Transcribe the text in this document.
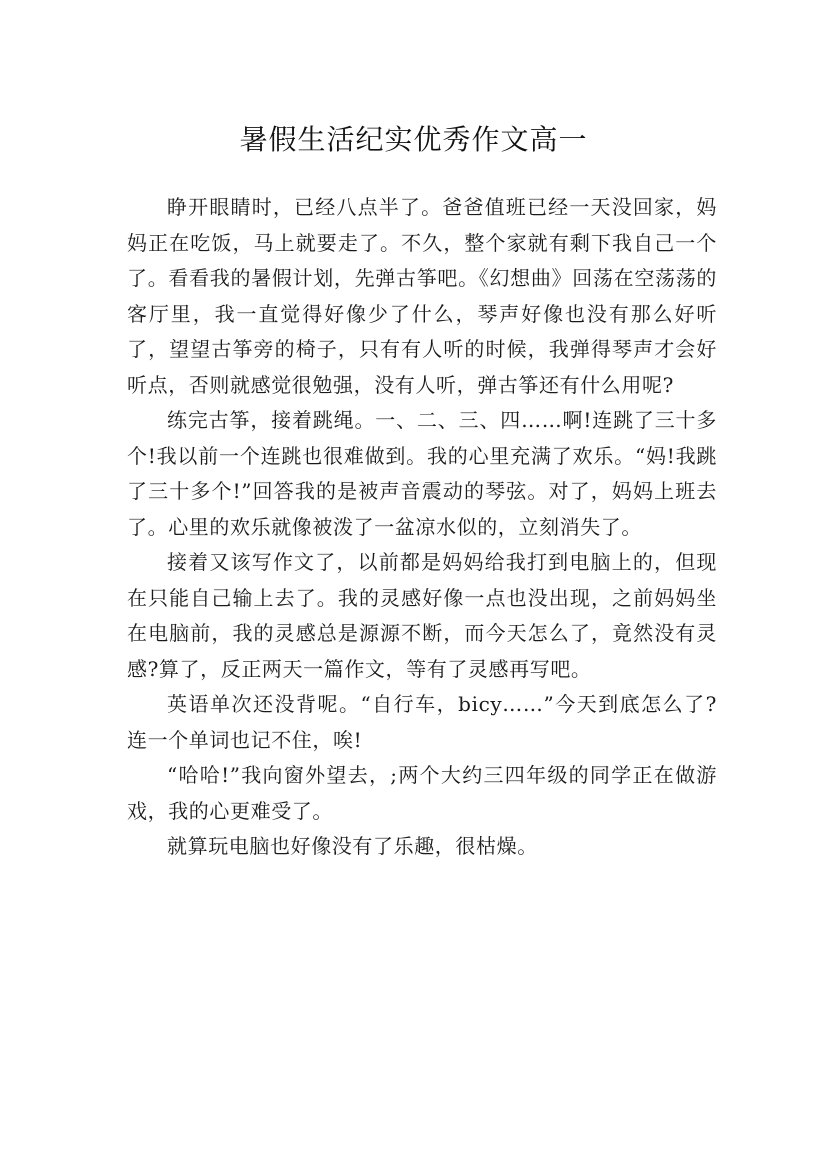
暑假生活纪实优秀作文高一

睁开眼睛时，已经八点半了。爸爸值班已经一天没回家，妈妈正在吃饭，马上就要走了。不久，整个家就有剩下我自己一个了。看看我的暑假计划，先弹古筝吧。《幻想曲》回荡在空荡荡的客厅里，我一直觉得好像少了什么，琴声好像也没有那么好听了，望望古筝旁的椅子，只有有人听的时候，我弹得琴声才会好听点，否则就感觉很勉强，没有人听，弹古筝还有什么用呢?

练完古筝，接着跳绳。一、二、三、四……啊!连跳了三十多个!我以前一个连跳也很难做到。我的心里充满了欢乐。“妈!我跳了三十多个!”回答我的是被声音震动的琴弦。对了，妈妈上班去了。心里的欢乐就像被泼了一盆凉水似的，立刻消失了。

接着又该写作文了，以前都是妈妈给我打到电脑上的，但现在只能自己输上去了。我的灵感好像一点也没出现，之前妈妈坐在电脑前，我的灵感总是源源不断，而今天怎么了，竟然没有灵感?算了，反正两天一篇作文，等有了灵感再写吧。

英语单次还没背呢。“自行车，bicy……”今天到底怎么了?连一个单词也记不住，唉!

“哈哈!”我向窗外望去，;两个大约三四年级的同学正在做游戏，我的心更难受了。

就算玩电脑也好像没有了乐趣，很枯燥。
